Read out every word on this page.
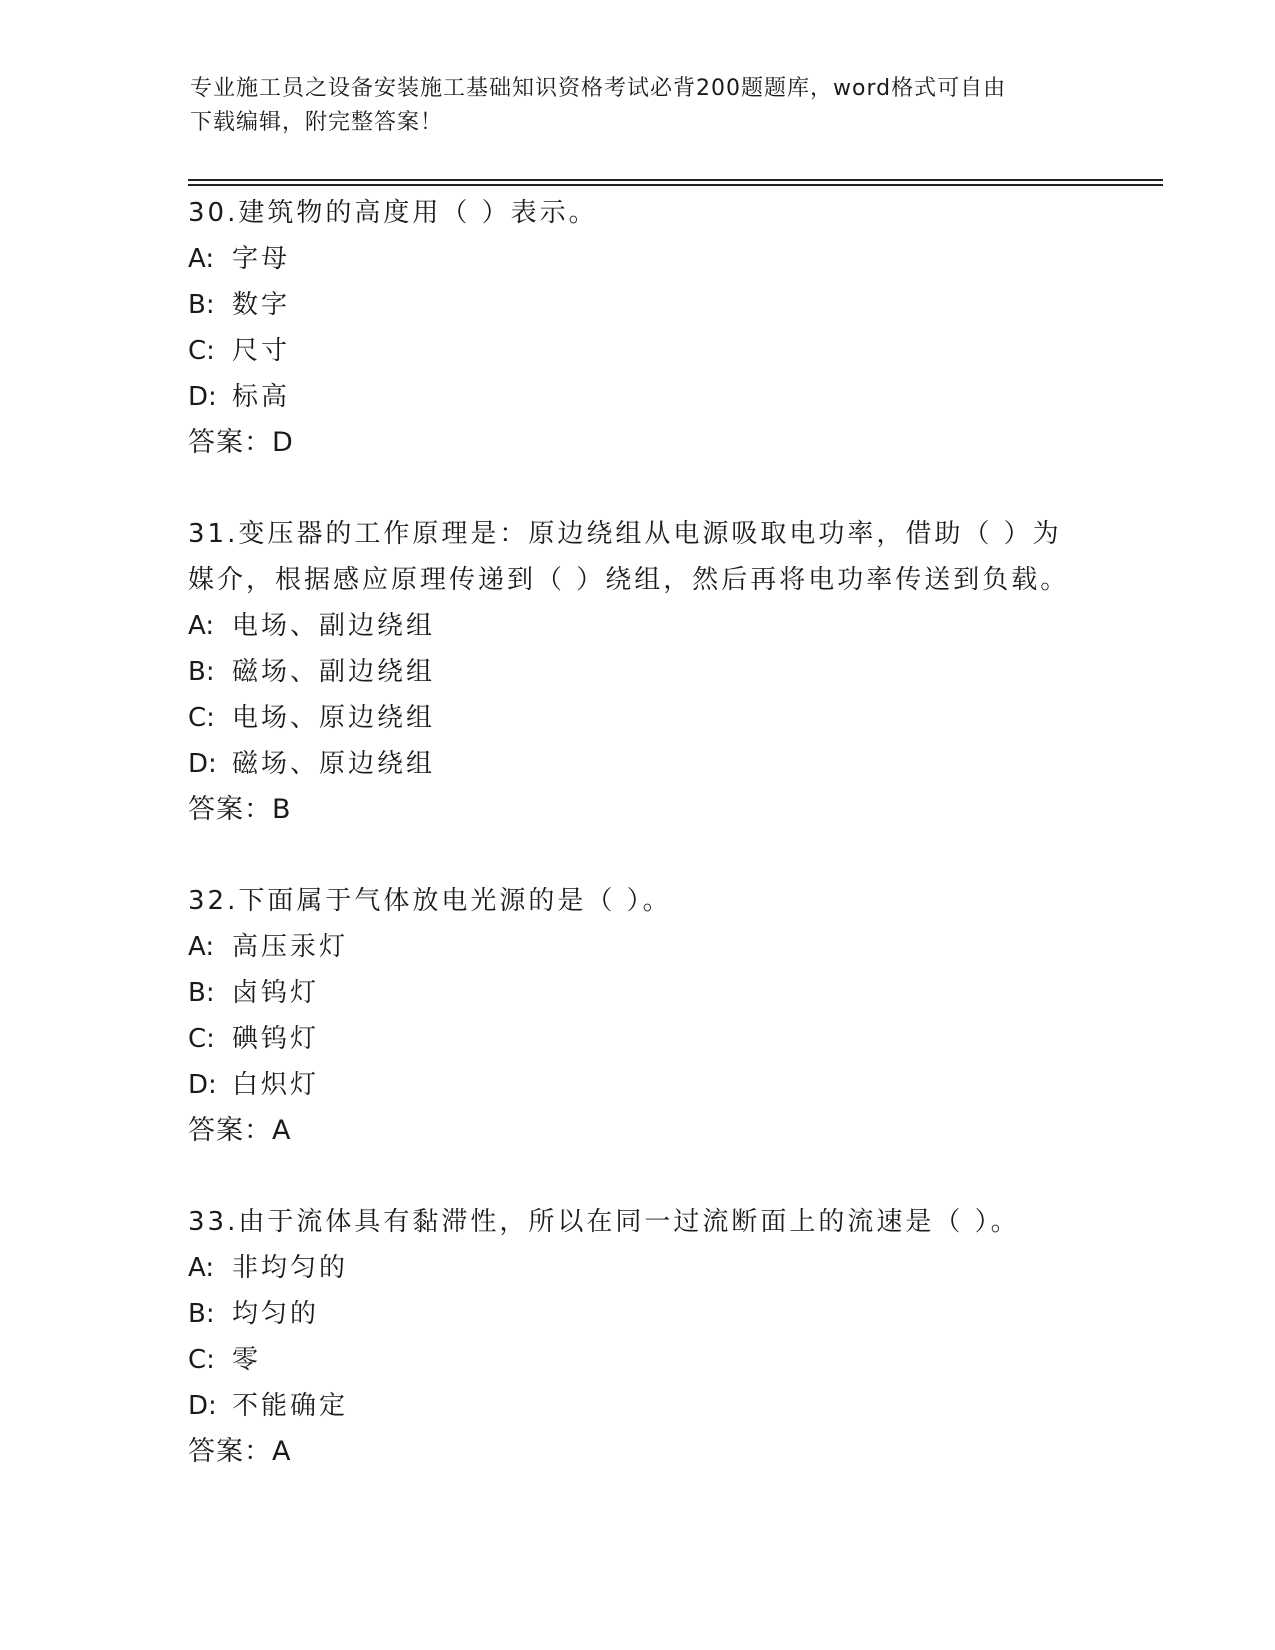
专业施工员之设备安装施工基础知识资格考试必背200题题库，word格式可自由
下载编辑，附完整答案！
30.建筑物的高度用（ ）表示。
A: 字母
B: 数字
C: 尺寸
D: 标高
答案：D
31.变压器的工作原理是：原边绕组从电源吸取电功率，借助（ ）为
媒介，根据感应原理传递到（ ）绕组，然后再将电功率传送到负载。
A: 电场、副边绕组
B: 磁场、副边绕组
C: 电场、原边绕组
D: 磁场、原边绕组
答案：B
32.下面属于气体放电光源的是（ ）。
A: 高压汞灯
B: 卤钨灯
C: 碘钨灯
D: 白炽灯
答案：A
33.由于流体具有黏滞性，所以在同一过流断面上的流速是（ ）。
A: 非均匀的
B: 均匀的
C: 零
D: 不能确定
答案：A
